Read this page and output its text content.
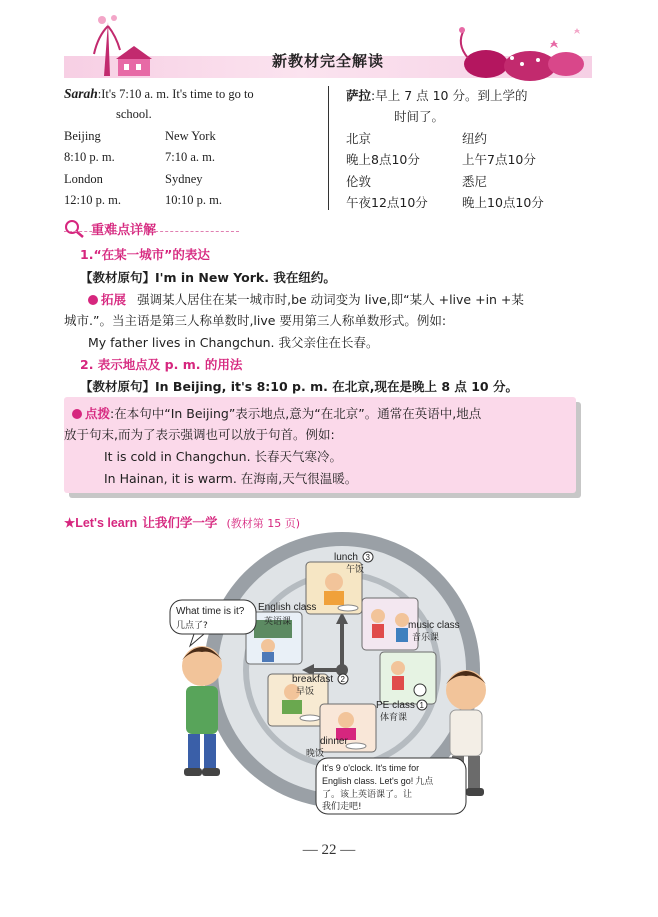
新教材完全解读
Sarah:It's 7:10 a. m. It's time to go to
school.
Beijing	New York
8:10 p. m.	7:10 a. m.
London	Sydney
12:10 p. m.	10:10 p. m.
萨拉:早上 7 点 10 分。到上学的
时间了。
北京	纽约
晚上8点10分	上午7点10分
伦敦	悉尼
午夜12点10分	晚上10点10分
重难点详解
1.“在某一城市”的表达
【教材原句】I'm in New York. 我在纽约。
拓展 强调某人居住在某一城市时,be 动词变为 live,即“某人 +live +in +某
城市.”。当主语是第三人称单数时,live 要用第三人称单数形式。例如:
My father lives in Changchun. 我父亲住在长春。
2. 表示地点及 p. m. 的用法
【教材原句】In Beijing, it's 8:10 p. m. 在北京,现在是晚上 8 点 10 分。
点拨:在本句中“In Beijing”表示地点,意为“在北京”。通常在英语中,地点
放于句末,而为了表示强调也可以放于句首。例如:
It is cold in Changchun. 长春天气寒冷。
In Hainan, it is warm. 在海南,天气很温暖。
★Let's learn 让我们学一学 (教材第 15 页)
lunch 3
午饭
English class
英语课	music class
音乐课
breakfast 2
早饭
PE class 1
体育课
dinner
晚饭
What time is it?
几点了?
It's 9 o'clock. It's time for
English class. Let's go! 九点
了。该上英语课了。让
我们走吧!
— 22 —
